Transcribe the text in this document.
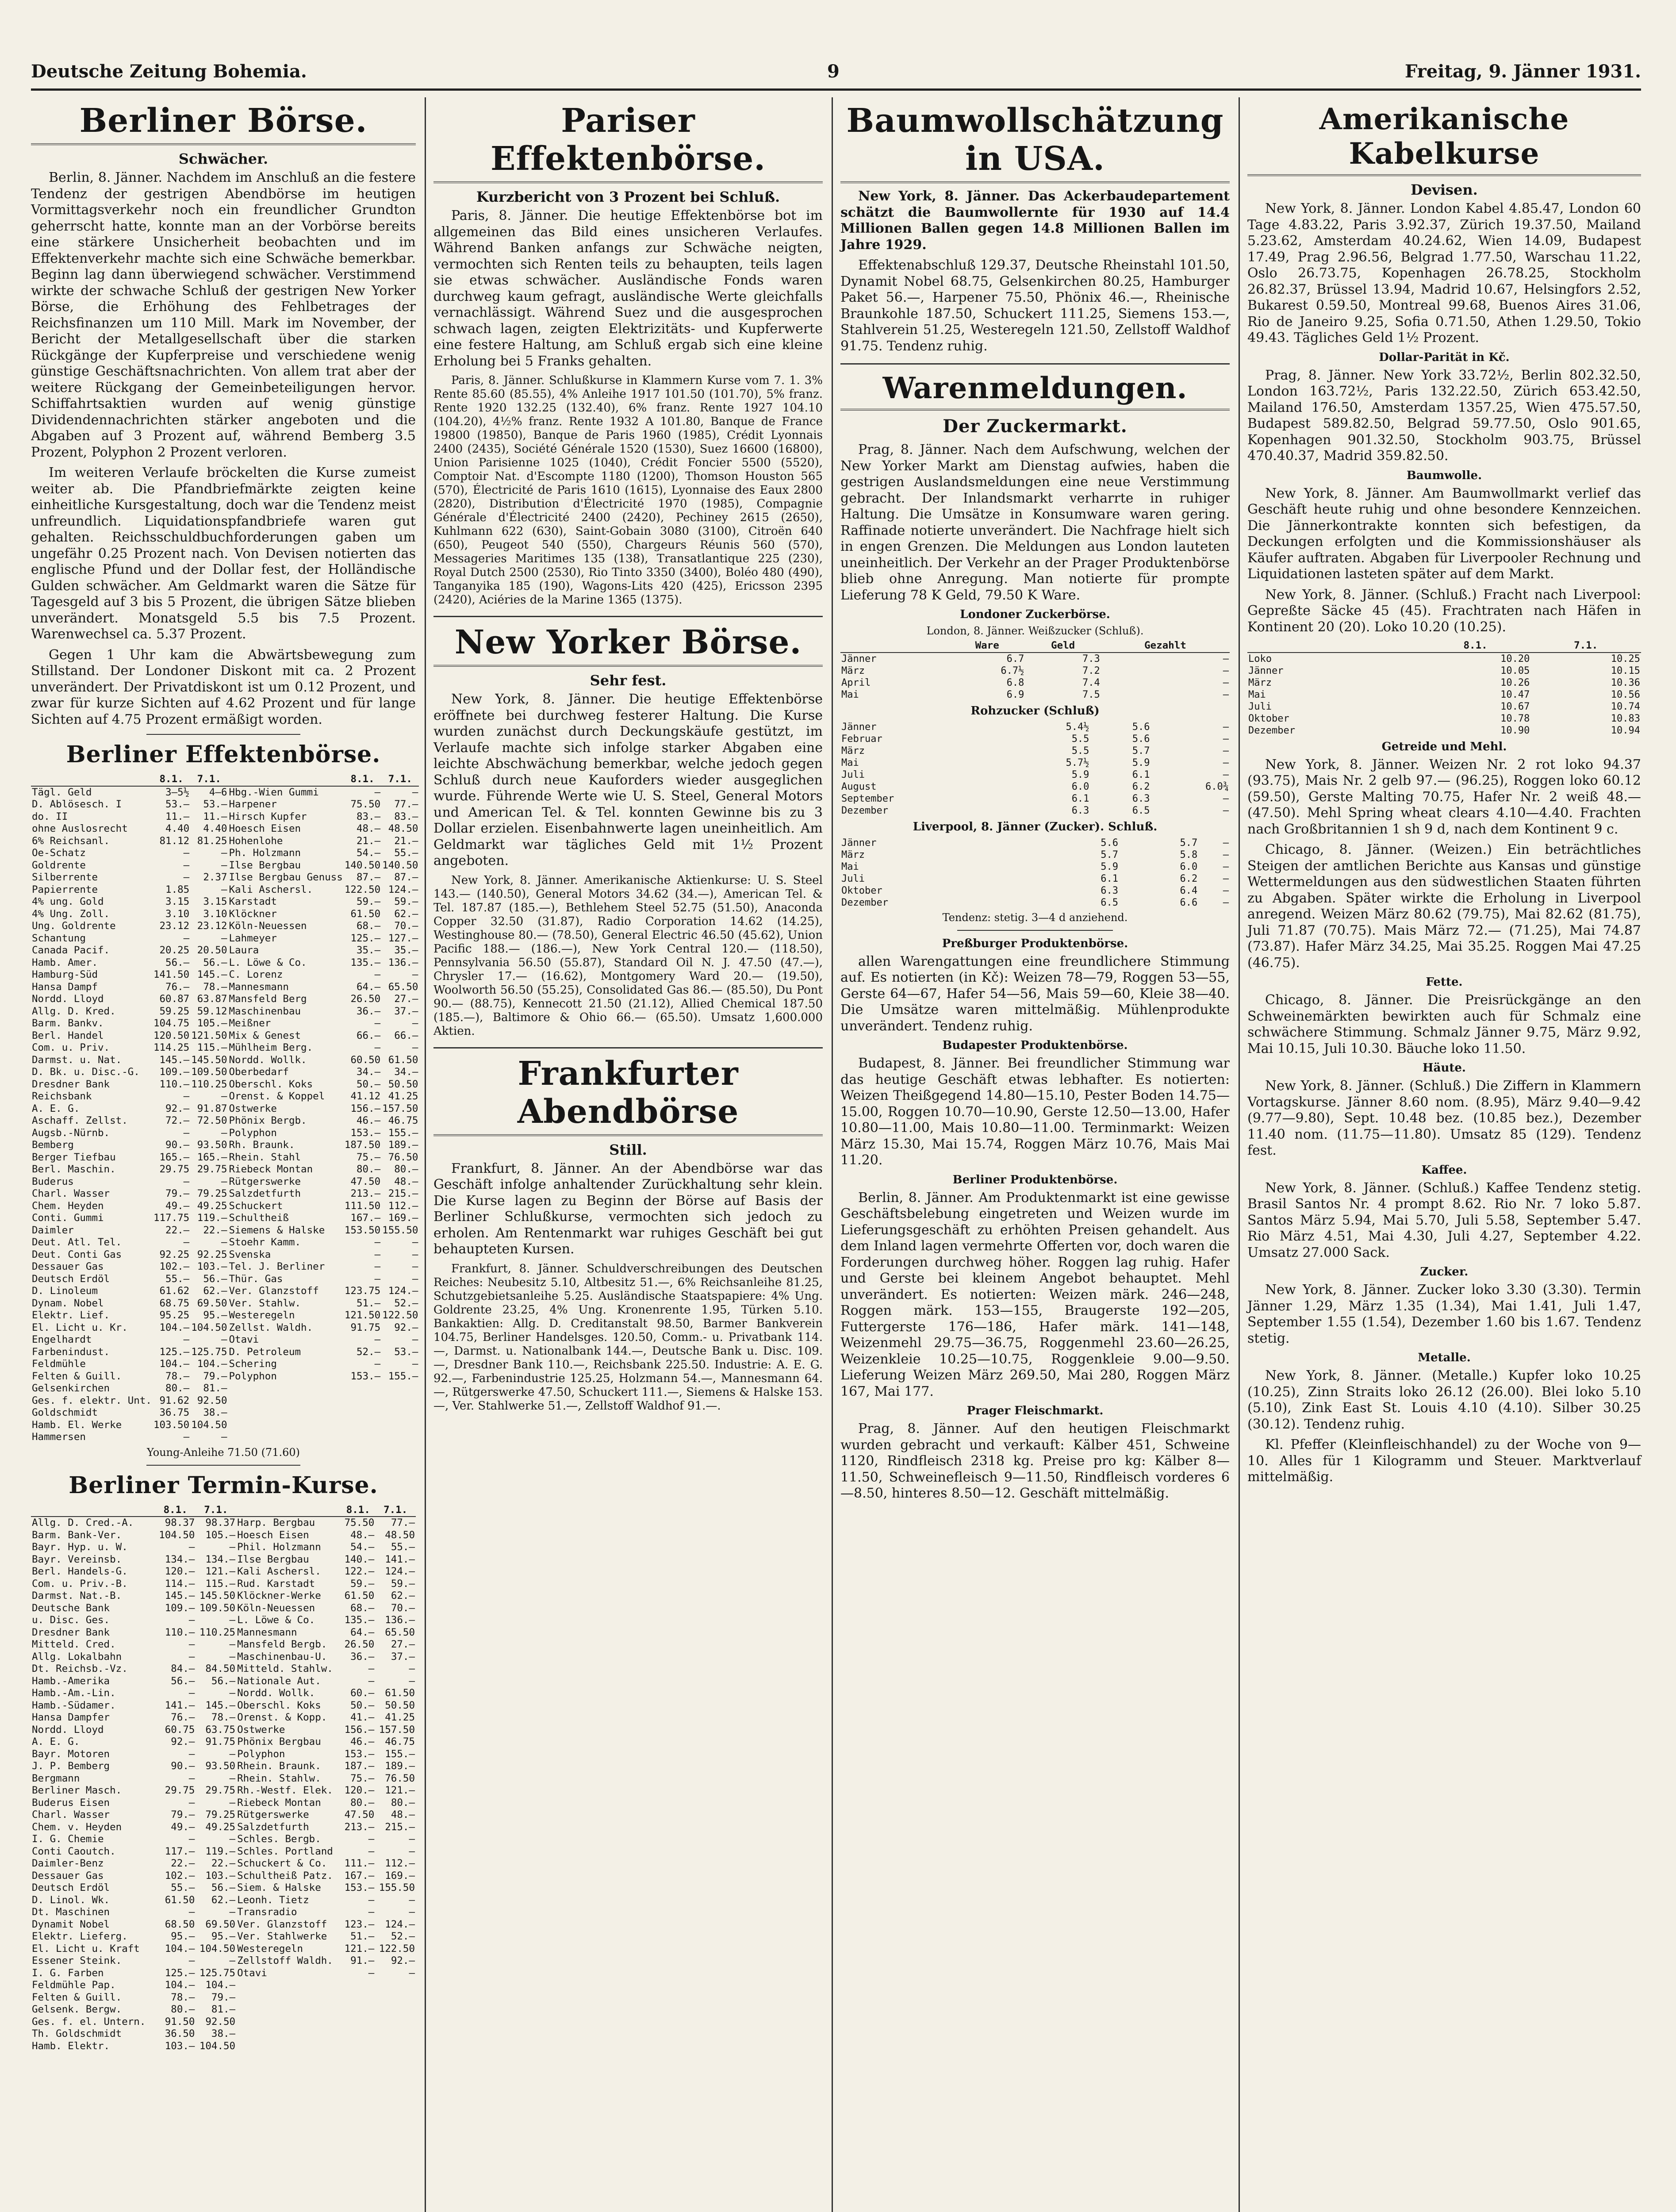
Deutsche Zeitung Bohemia.	9	Freitag, 9. Jänner 1931.
Berliner Börse.
Schwächer.

Berlin, 8. Jänner. Nachdem im Anschluß an die festere Tendenz der gestrigen Abendbörse im heutigen Vormittagsverkehr noch ein freundlicher Grundton geherrscht hatte, konnte man an der Vorbörse bereits eine stärkere Unsicherheit beobachten und im Effektenverkehr machte sich eine Schwäche bemerkbar. Beginn lag dann überwiegend schwächer. Verstimmend wirkte der schwache Schluß der gestrigen New Yorker Börse, die Erhöhung des Fehlbetrages der Reichsfinanzen um 110 Mill. Mark im November, der Bericht der Metallgesellschaft über die starken Rückgänge der Kupferpreise und verschiedene wenig günstige Geschäftsnachrichten. Von allem trat aber der weitere Rückgang der Gemeinbeteiligungen hervor. Schiffahrtsaktien wurden auf wenig günstige Dividendennachrichten stärker angeboten und die Abgaben auf 3 Prozent auf, während Bemberg 3.5 Prozent, Polyphon 2 Prozent verloren.

Im weiteren Verlaufe bröckelten die Kurse zumeist weiter ab. Die Pfandbriefmärkte zeigten keine einheitliche Kursgestaltung, doch war die Tendenz meist unfreundlich. Liquidationspfandbriefe waren gut gehalten. Reichsschuldbuchforderungen gaben um ungefähr 0.25 Prozent nach. Von Devisen notierten das englische Pfund und der Dollar fest, der Holländische Gulden schwächer. Am Geldmarkt waren die Sätze für Tagesgeld auf 3 bis 5 Prozent, die übrigen Sätze blieben unverändert. Monatsgeld 5.5 bis 7.5 Prozent. Warenwechsel ca. 5.37 Prozent.

Gegen 1 Uhr kam die Abwärtsbewegung zum Stillstand. Der Londoner Diskont mit ca. 2 Prozent unverändert. Der Privatdiskont ist um 0.12 Prozent, und zwar für kurze Sichten auf 4.62 Prozent und für lange Sichten auf 4.75 Prozent ermäßigt worden.

Berliner Effektenbörse.
	8.1.	7.1.		8.1.	7.1.
Tägl. Geld	3–5½	4–6	Hbg.-Wien Gummi	—	—
D. Ablösesch. I	53.—	53.—	Harpener	75.50	77.—
do. II	11.—	11.—	Hirsch Kupfer	83.—	83.—
ohne Auslosrecht	4.40	4.40	Hoesch Eisen	48.—	48.50
6% Reichsanl.	81.12	81.25	Hohenlohe	21.—	21.—
Oe-Schatz	—	—	Ph. Holzmann	54.—	55.—
Goldrente	—	—	Ilse Bergbau	140.50	140.50
Silberrente	—	2.37	Ilse Bergbau Genuss	87.—	87.—
Papierrente	1.85	—	Kali Aschersl.	122.50	124.—
4% ung. Gold	3.15	3.15	Karstadt	59.—	59.—
4% Ung. Zoll.	3.10	3.10	Klöckner	61.50	62.—
Ung. Goldrente	23.12	23.12	Köln-Neuessen	68.—	70.—
Schantung	—	—	Lahmeyer	125.—	127.—
Canada Pacif.	20.25	20.50	Laura	35.—	35.—
Hamb. Amer.	56.—	56.—	L. Löwe & Co.	135.—	136.—
Hamburg-Süd	141.50	145.—	C. Lorenz	—	—
Hansa Dampf	76.—	78.—	Mannesmann	64.—	65.50
Nordd. Lloyd	60.87	63.87	Mansfeld Berg	26.50	27.—
Allg. D. Kred.	59.25	59.12	Maschinenbau	36.—	37.—
Barm. Bankv.	104.75	105.—	Meißner	—	—
Berl. Handel	120.50	121.50	Mix & Genest	66.—	66.—
Com. u. Priv.	114.25	115.—	Mühlheim Berg.	—	—
Darmst. u. Nat.	145.—	145.50	Nordd. Wollk.	60.50	61.50
D. Bk. u. Disc.-G.	109.—	109.50	Oberbedarf	34.—	34.—
Dresdner Bank	110.—	110.25	Oberschl. Koks	50.—	50.50
Reichsbank	—	—	Orenst. & Koppel	41.12	41.25
A. E. G.	92.—	91.87	Ostwerke	156.—	157.50
Aschaff. Zellst.	72.—	72.50	Phönix Bergb.	46.—	46.75
Augsb.-Nürnb.	—	—	Polyphon	153.—	155.—
Bemberg	90.—	93.50	Rh. Braunk.	187.50	189.—
Berger Tiefbau	165.—	165.—	Rhein. Stahl	75.—	76.50
Berl. Maschin.	29.75	29.75	Riebeck Montan	80.—	80.—
Buderus	—	—	Rütgerswerke	47.50	48.—
Charl. Wasser	79.—	79.25	Salzdetfurth	213.—	215.—
Chem. Heyden	49.—	49.25	Schuckert	111.50	112.—
Conti. Gummi	117.75	119.—	Schultheiß	167.—	169.—
Daimler	22.—	22.—	Siemens & Halske	153.50	155.50
Deut. Atl. Tel.	—	—	Stoehr Kamm.	—	—
Deut. Conti Gas	92.25	92.25	Svenska	—	—
Dessauer Gas	102.—	103.—	Tel. J. Berliner	—	—
Deutsch Erdöl	55.—	56.—	Thür. Gas	—	—
D. Linoleum	61.62	62.—	Ver. Glanzstoff	123.75	124.—
Dynam. Nobel	68.75	69.50	Ver. Stahlw.	51.—	52.—
Elektr. Lief.	95.25	95.—	Westeregeln	121.50	122.50
El. Licht u. Kr.	104.—	104.50	Zellst. Waldh.	91.75	92.—
Engelhardt	—	—	Otavi	—	—
Farbenindust.	125.—	125.75	D. Petroleum	52.—	53.—
Feldmühle	104.—	104.—	Schering	—	—
Felten & Guill.	78.—	79.—	Polyphon	153.—	155.—
Gelsenkirchen	80.—	81.—			
Ges. f. elektr. Unt.	91.62	92.50			
Goldschmidt	36.75	38.—			
Hamb. El. Werke	103.50	104.50			
Hammersen	—	—			
Young-Anleihe 71.50 (71.60)
Berliner Termin-Kurse.
	8.1.	7.1.		8.1.	7.1.
Allg. D. Cred.-A.	98.37	98.37	Harp. Bergbau	75.50	77.—
Barm. Bank-Ver.	104.50	105.—	Hoesch Eisen	48.—	48.50
Bayr. Hyp. u. W.	—	—	Phil. Holzmann	54.—	55.—
Bayr. Vereinsb.	134.—	134.—	Ilse Bergbau	140.—	141.—
Berl. Handels-G.	120.—	121.—	Kali Aschersl.	122.—	124.—
Com. u. Priv.-B.	114.—	115.—	Rud. Karstadt	59.—	59.—
Darmst. Nat.-B.	145.—	145.50	Klöckner-Werke	61.50	62.—
Deutsche Bank	109.—	109.50	Köln-Neuessen	68.—	70.—
u. Disc. Ges.	—	—	L. Löwe & Co.	135.—	136.—
Dresdner Bank	110.—	110.25	Mannesmann	64.—	65.50
Mitteld. Cred.	—	—	Mansfeld Bergb.	26.50	27.—
Allg. Lokalbahn	—	—	Maschinenbau-U.	36.—	37.—
Dt. Reichsb.-Vz.	84.—	84.50	Mitteld. Stahlw.	—	—
Hamb.-Amerika	56.—	56.—	Nationale Aut.	—	—
Hamb.-Am.-Lin.	—	—	Nordd. Wollk.	60.—	61.50
Hamb.-Südamer.	141.—	145.—	Oberschl. Koks	50.—	50.50
Hansa Dampfer	76.—	78.—	Orenst. & Kopp.	41.—	41.25
Nordd. Lloyd	60.75	63.75	Ostwerke	156.—	157.50
A. E. G.	92.—	91.75	Phönix Bergbau	46.—	46.75
Bayr. Motoren	—	—	Polyphon	153.—	155.—
J. P. Bemberg	90.—	93.50	Rhein. Braunk.	187.—	189.—
Bergmann	—	—	Rhein. Stahlw.	75.—	76.50
Berliner Masch.	29.75	29.75	Rh.-Westf. Elek.	120.—	121.—
Buderus Eisen	—	—	Riebeck Montan	80.—	80.—
Charl. Wasser	79.—	79.25	Rütgerswerke	47.50	48.—
Chem. v. Heyden	49.—	49.25	Salzdetfurth	213.—	215.—
I. G. Chemie	—	—	Schles. Bergb.	—	—
Conti Caoutch.	117.—	119.—	Schles. Portland	—	—
Daimler-Benz	22.—	22.—	Schuckert & Co.	111.—	112.—
Dessauer Gas	102.—	103.—	Schultheiß Patz.	167.—	169.—
Deutsch Erdöl	55.—	56.—	Siem. & Halske	153.—	155.50
D. Linol. Wk.	61.50	62.—	Leonh. Tietz	—	—
Dt. Maschinen	—	—	Transradio	—	—
Dynamit Nobel	68.50	69.50	Ver. Glanzstoff	123.—	124.—
Elektr. Lieferg.	95.—	95.—	Ver. Stahlwerke	51.—	52.—
El. Licht u. Kraft	104.—	104.50	Westeregeln	121.—	122.50
Essener Steink.	—	—	Zellstoff Waldh.	91.—	92.—
I. G. Farben	125.—	125.75	Otavi	—	—
Feldmühle Pap.	104.—	104.—			
Felten & Guill.	78.—	79.—			
Gelsenk. Bergw.	80.—	81.—			
Ges. f. el. Untern.	91.50	92.50			
Th. Goldschmidt	36.50	38.—			
Hamb. Elektr.	103.—	104.50			
Pariser Effektenbörse.
Kurzbericht von 3 Prozent bei Schluß.

Paris, 8. Jänner. Die heutige Effektenbörse bot im allgemeinen das Bild eines unsicheren Verlaufes. Während Banken anfangs zur Schwäche neigten, vermochten sich Renten teils zu behaupten, teils lagen sie etwas schwächer. Ausländische Fonds waren durchweg kaum gefragt, ausländische Werte gleichfalls vernachlässigt. Während Suez und die ausgesprochen schwach lagen, zeigten Elektrizitäts- und Kupferwerte eine festere Haltung, am Schluß ergab sich eine kleine Erholung bei 5 Franks gehalten.

Paris, 8. Jänner. Schlußkurse in Klammern Kurse vom 7. 1. 3% Rente 85.60 (85.55), 4% Anleihe 1917 101.50 (101.70), 5% franz. Rente 1920 132.25 (132.40), 6% franz. Rente 1927 104.10 (104.20), 4½% franz. Rente 1932 A 101.80, Banque de France 19800 (19850), Banque de Paris 1960 (1985), Crédit Lyonnais 2400 (2435), Société Générale 1520 (1530), Suez 16600 (16800), Union Parisienne 1025 (1040), Crédit Foncier 5500 (5520), Comptoir Nat. d'Escompte 1180 (1200), Thomson Houston 565 (570), Électricité de Paris 1610 (1615), Lyonnaise des Eaux 2800 (2820), Distribution d'Électricité 1970 (1985), Compagnie Générale d'Électricité 2400 (2420), Pechiney 2615 (2650), Kuhlmann 622 (630), Saint-Gobain 3080 (3100), Citroën 640 (650), Peugeot 540 (550), Chargeurs Réunis 560 (570), Messageries Maritimes 135 (138), Transatlantique 225 (230), Royal Dutch 2500 (2530), Rio Tinto 3350 (3400), Boléo 480 (490), Tanganyika 185 (190), Wagons-Lits 420 (425), Ericsson 2395 (2420), Aciéries de la Marine 1365 (1375).

New Yorker Börse.
Sehr fest.

New York, 8. Jänner. Die heutige Effektenbörse eröffnete bei durchweg festerer Haltung. Die Kurse wurden zunächst durch Deckungskäufe gestützt, im Verlaufe machte sich infolge starker Abgaben eine leichte Abschwächung bemerkbar, welche jedoch gegen Schluß durch neue Kauforders wieder ausgeglichen wurde. Führende Werte wie U. S. Steel, General Motors und American Tel. & Tel. konnten Gewinne bis zu 3 Dollar erzielen. Eisenbahnwerte lagen uneinheitlich. Am Geldmarkt war tägliches Geld mit 1½ Prozent angeboten.

New York, 8. Jänner. Amerikanische Aktienkurse: U. S. Steel 143.— (140.50), General Motors 34.62 (34.—), American Tel. & Tel. 187.87 (185.—), Bethlehem Steel 52.75 (51.50), Anaconda Copper 32.50 (31.87), Radio Corporation 14.62 (14.25), Westinghouse 80.— (78.50), General Electric 46.50 (45.62), Union Pacific 188.— (186.—), New York Central 120.— (118.50), Pennsylvania 56.50 (55.87), Standard Oil N. J. 47.50 (47.—), Chrysler 17.— (16.62), Montgomery Ward 20.— (19.50), Woolworth 56.50 (55.25), Consolidated Gas 86.— (85.50), Du Pont 90.— (88.75), Kennecott 21.50 (21.12), Allied Chemical 187.50 (185.—), Baltimore & Ohio 66.— (65.50). Umsatz 1,600.000 Aktien.

Frankfurter Abendbörse
Still.

Frankfurt, 8. Jänner. An der Abendbörse war das Geschäft infolge anhaltender Zurückhaltung sehr klein. Die Kurse lagen zu Beginn der Börse auf Basis der Berliner Schlußkurse, vermochten sich jedoch zu erholen. Am Rentenmarkt war ruhiges Geschäft bei gut behaupteten Kursen.

Frankfurt, 8. Jänner. Schuldverschreibungen des Deutschen Reiches: Neubesitz 5.10, Altbesitz 51.—, 6% Reichsanleihe 81.25, Schutzgebietsanleihe 5.25. Ausländische Staatspapiere: 4% Ung. Goldrente 23.25, 4% Ung. Kronenrente 1.95, Türken 5.10. Bankaktien: Allg. D. Creditanstalt 98.50, Barmer Bankverein 104.75, Berliner Handelsges. 120.50, Comm.- u. Privatbank 114.—, Darmst. u. Nationalbank 144.—, Deutsche Bank u. Disc. 109.—, Dresdner Bank 110.—, Reichsbank 225.50. Industrie: A. E. G. 92.—, Farbenindustrie 125.25, Holzmann 54.—, Mannesmann 64.—, Rütgerswerke 47.50, Schuckert 111.—, Siemens & Halske 153.—, Ver. Stahlwerke 51.—, Zellstoff Waldhof 91.—.

Baumwollschätzung in USA.

New York, 8. Jänner. Das Ackerbaudepartement schätzt die Baumwollernte für 1930 auf 14.4 Millionen Ballen gegen 14.8 Millionen Ballen im Jahre 1929.

Effektenabschluß 129.37, Deutsche Rheinstahl 101.50, Dynamit Nobel 68.75, Gelsenkirchen 80.25, Hamburger Paket 56.—, Harpener 75.50, Phönix 46.—, Rheinische Braunkohle 187.50, Schuckert 111.25, Siemens 153.—, Stahlverein 51.25, Westeregeln 121.50, Zellstoff Waldhof 91.75. Tendenz ruhig.

Warenmeldungen.
Der Zuckermarkt.

Prag, 8. Jänner. Nach dem Aufschwung, welchen der New Yorker Markt am Dienstag aufwies, haben die gestrigen Auslandsmeldungen eine neue Verstimmung gebracht. Der Inlandsmarkt verharrte in ruhiger Haltung. Die Umsätze in Konsumware waren gering. Raffinade notierte unverändert. Die Nachfrage hielt sich in engen Grenzen. Die Meldungen aus London lauteten uneinheitlich. Der Verkehr an der Prager Produktenbörse blieb ohne Anregung. Man notierte für prompte Lieferung 78 K Geld, 79.50 K Ware.

Londoner Zuckerbörse.
London, 8. Jänner. Weißzucker (Schluß).
	Ware	Geld	Gezahlt
Jänner	6.7	7.3	—
März	6.7½	7.2	—
April	6.8	7.4	—
Mai	6.9	7.5	—
Rohzucker (Schluß)
Jänner	5.4½	5.6	—
Februar	5.5	5.6	—
März	5.5	5.7	—
Mai	5.7½	5.9	—
Juli	5.9	6.1	—
August	6.0	6.2	6.0¾
September	6.1	6.3	—
Dezember	6.3	6.5	—
Liverpool, 8. Jänner (Zucker). Schluß.
Jänner	5.6	5.7	—
März	5.7	5.8	—
Mai	5.9	6.0	—
Juli	6.1	6.2	—
Oktober	6.3	6.4	—
Dezember	6.5	6.6	—
Tendenz: stetig. 3—4 d anziehend.
Preßburger Produktenbörse.

allen Warengattungen eine freundlichere Stimmung auf. Es notierten (in Kč): Weizen 78—79, Roggen 53—55, Gerste 64—67, Hafer 54—56, Mais 59—60, Kleie 38—40. Die Umsätze waren mittelmäßig. Mühlenprodukte unverändert. Tendenz ruhig.

Budapester Produktenbörse.

Budapest, 8. Jänner. Bei freundlicher Stimmung war das heutige Geschäft etwas lebhafter. Es notierten: Weizen Theißgegend 14.80—15.10, Pester Boden 14.75—15.00, Roggen 10.70—10.90, Gerste 12.50—13.00, Hafer 10.80—11.00, Mais 10.80—11.00. Terminmarkt: Weizen März 15.30, Mai 15.74, Roggen März 10.76, Mais Mai 11.20.

Berliner Produktenbörse.

Berlin, 8. Jänner. Am Produktenmarkt ist eine gewisse Geschäftsbelebung eingetreten und Weizen wurde im Lieferungsgeschäft zu erhöhten Preisen gehandelt. Aus dem Inland lagen vermehrte Offerten vor, doch waren die Forderungen durchweg höher. Roggen lag ruhig. Hafer und Gerste bei kleinem Angebot behauptet. Mehl unverändert. Es notierten: Weizen märk. 246—248, Roggen märk. 153—155, Braugerste 192—205, Futtergerste 176—186, Hafer märk. 141—148, Weizenmehl 29.75—36.75, Roggenmehl 23.60—26.25, Weizenkleie 10.25—10.75, Roggenkleie 9.00—9.50. Lieferung Weizen März 269.50, Mai 280, Roggen März 167, Mai 177.

Prager Fleischmarkt.

Prag, 8. Jänner. Auf den heutigen Fleischmarkt wurden gebracht und verkauft: Kälber 451, Schweine 1120, Rindfleisch 2318 kg. Preise pro kg: Kälber 8—11.50, Schweinefleisch 9—11.50, Rindfleisch vorderes 6—8.50, hinteres 8.50—12. Geschäft mittelmäßig.

Amerikanische Kabelkurse
Devisen.

New York, 8. Jänner. London Kabel 4.85.47, London 60 Tage 4.83.22, Paris 3.92.37, Zürich 19.37.50, Mailand 5.23.62, Amsterdam 40.24.62, Wien 14.09, Budapest 17.49, Prag 2.96.56, Belgrad 1.77.50, Warschau 11.22, Oslo 26.73.75, Kopenhagen 26.78.25, Stockholm 26.82.37, Brüssel 13.94, Madrid 10.67, Helsingfors 2.52, Bukarest 0.59.50, Montreal 99.68, Buenos Aires 31.06, Rio de Janeiro 9.25, Sofia 0.71.50, Athen 1.29.50, Tokio 49.43. Tägliches Geld 1½ Prozent.

Dollar-Parität in Kč.

Prag, 8. Jänner. New York 33.72½, Berlin 802.32.50, London 163.72½, Paris 132.22.50, Zürich 653.42.50, Mailand 176.50, Amsterdam 1357.25, Wien 475.57.50, Budapest 589.82.50, Belgrad 59.77.50, Oslo 901.65, Kopenhagen 901.32.50, Stockholm 903.75, Brüssel 470.40.37, Madrid 359.82.50.

Baumwolle.

New York, 8. Jänner. Am Baumwollmarkt verlief das Geschäft heute ruhig und ohne besondere Kennzeichen. Die Jännerkontrakte konnten sich befestigen, da Deckungen erfolgten und die Kommissionshäuser als Käufer auftraten. Abgaben für Liverpooler Rechnung und Liquidationen lasteten später auf dem Markt.

New York, 8. Jänner. (Schluß.) Fracht nach Liverpool: Gepreßte Säcke 45 (45). Frachtraten nach Häfen in Kontinent 20 (20). Loko 10.20 (10.25).

	8.1.	7.1.
Loko	10.20	10.25
Jänner	10.05	10.15
März	10.26	10.36
Mai	10.47	10.56
Juli	10.67	10.74
Oktober	10.78	10.83
Dezember	10.90	10.94
Getreide und Mehl.

New York, 8. Jänner. Weizen Nr. 2 rot loko 94.37 (93.75), Mais Nr. 2 gelb 97.— (96.25), Roggen loko 60.12 (59.50), Gerste Malting 70.75, Hafer Nr. 2 weiß 48.— (47.50). Mehl Spring wheat clears 4.10—4.40. Frachten nach Großbritannien 1 sh 9 d, nach dem Kontinent 9 c.

Chicago, 8. Jänner. (Weizen.) Ein beträchtliches Steigen der amtlichen Berichte aus Kansas und günstige Wettermeldungen aus den südwestlichen Staaten führten zu Abgaben. Später wirkte die Erholung in Liverpool anregend. Weizen März 80.62 (79.75), Mai 82.62 (81.75), Juli 71.87 (70.75). Mais März 72.— (71.25), Mai 74.87 (73.87). Hafer März 34.25, Mai 35.25. Roggen Mai 47.25 (46.75).

Fette.

Chicago, 8. Jänner. Die Preisrückgänge an den Schweinemärkten bewirkten auch für Schmalz eine schwächere Stimmung. Schmalz Jänner 9.75, März 9.92, Mai 10.15, Juli 10.30. Bäuche loko 11.50.

Häute.

New York, 8. Jänner. (Schluß.) Die Ziffern in Klammern Vortagskurse. Jänner 8.60 nom. (8.95), März 9.40—9.42 (9.77—9.80), Sept. 10.48 bez. (10.85 bez.), Dezember 11.40 nom. (11.75—11.80). Umsatz 85 (129). Tendenz fest.

Kaffee.

New York, 8. Jänner. (Schluß.) Kaffee Tendenz stetig. Brasil Santos Nr. 4 prompt 8.62. Rio Nr. 7 loko 5.87. Santos März 5.94, Mai 5.70, Juli 5.58, September 5.47. Rio März 4.51, Mai 4.30, Juli 4.27, September 4.22. Umsatz 27.000 Sack.

Zucker.

New York, 8. Jänner. Zucker loko 3.30 (3.30). Termin Jänner 1.29, März 1.35 (1.34), Mai 1.41, Juli 1.47, September 1.55 (1.54), Dezember 1.60 bis 1.67. Tendenz stetig.

Metalle.

New York, 8. Jänner. (Metalle.) Kupfer loko 10.25 (10.25), Zinn Straits loko 26.12 (26.00). Blei loko 5.10 (5.10), Zink East St. Louis 4.10 (4.10). Silber 30.25 (30.12). Tendenz ruhig.

Kl. Pfeffer (Kleinfleischhandel) zu der Woche von 9—10. Alles für 1 Kilogramm und Steuer. Marktverlauf mittelmäßig.
